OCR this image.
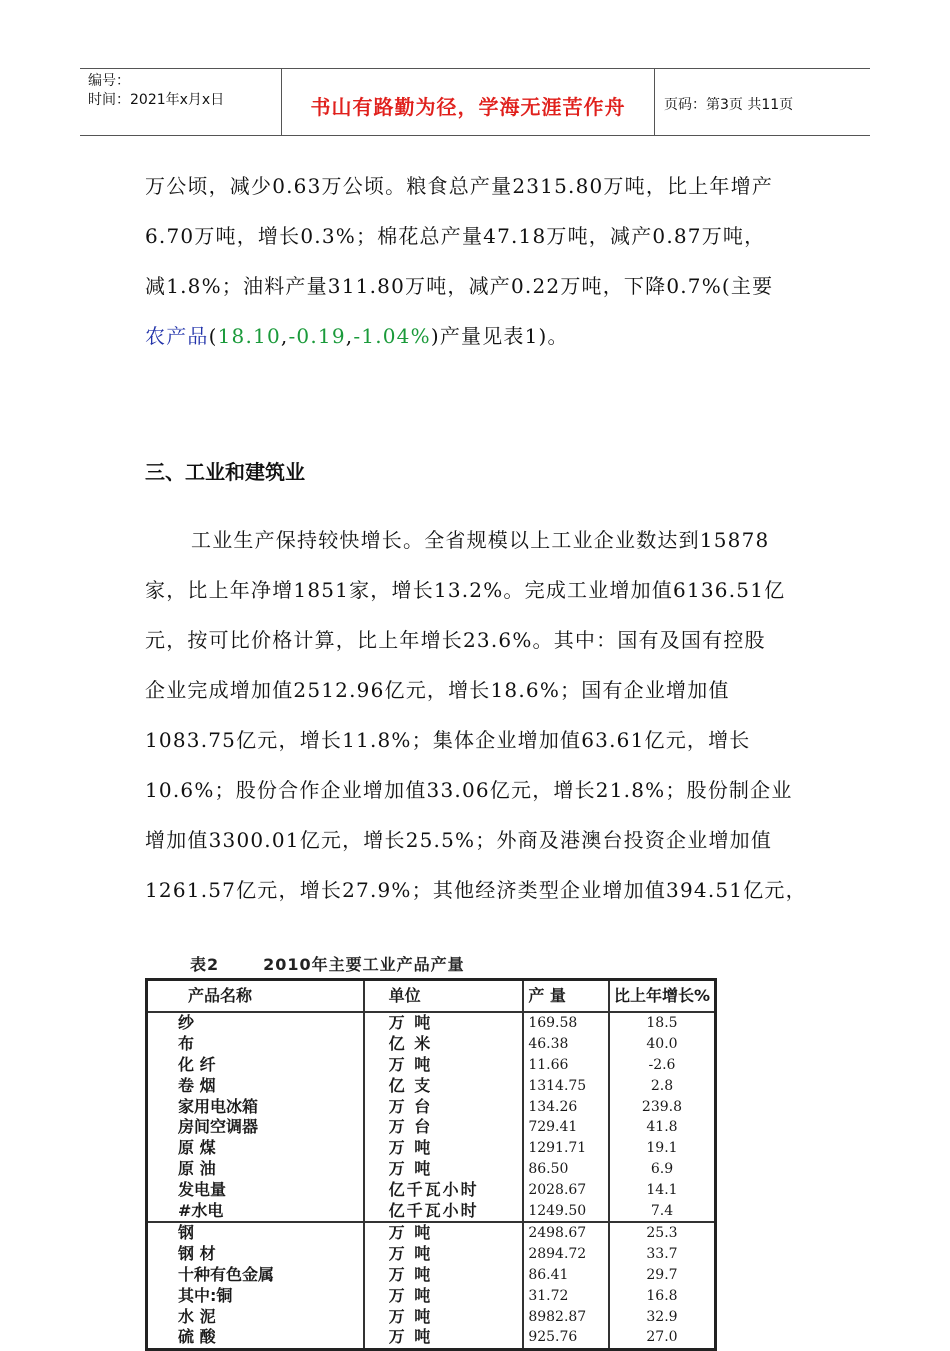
编号：
时间：2021年x月x日	书山有路勤为径，学海无涯苦作舟	页码：第3页 共11页
万公顷，减少0.63万公顷。粮食总产量2315.80万吨，比上年增产
6.70万吨，增长0.3%；棉花总产量47.18万吨，减产0.87万吨，
减1.8%；油料产量311.80万吨，减产0.22万吨，下降0.7%(主要
农产品(18.10,-0.19,-1.04%)产量见表1)。
三、工业和建筑业
工业生产保持较快增长。全省规模以上工业企业数达到15878
家，比上年净增1851家，增长13.2%。完成工业增加值6136.51亿
元，按可比价格计算，比上年增长23.6%。其中：国有及国有控股
企业完成增加值2512.96亿元，增长18.6%；国有企业增加值
1083.75亿元，增长11.8%；集体企业增加值63.61亿元，增长
10.6%；股份合作企业增加值33.06亿元，增长21.8%；股份制企业
增加值3300.01亿元，增长25.5%；外商及港澳台投资企业增加值
1261.57亿元，增长27.9%；其他经济类型企业增加值394.51亿元，
表2	2010年主要工业产品产量
产品名称	单位	产 量	比上年增长%
纱	万 吨	169.58	18.5
布	亿 米	46.38	40.0
化 纤	万 吨	11.66	-2.6
卷 烟	亿 支	1314.75	2.8
家用电冰箱	万 台	134.26	239.8
房间空调器	万 台	729.41	41.8
原 煤	万 吨	1291.71	19.1
原 油	万 吨	86.50	6.9
发电量	亿千瓦小时	2028.67	14.1
#水电	亿千瓦小时	1249.50	7.4
钢	万 吨	2498.67	25.3
钢 材	万 吨	2894.72	33.7
十种有色金属	万 吨	86.41	29.7
其中:铜	万 吨	31.72	16.8
水 泥	万 吨	8982.87	32.9
硫 酸	万 吨	925.76	27.0
